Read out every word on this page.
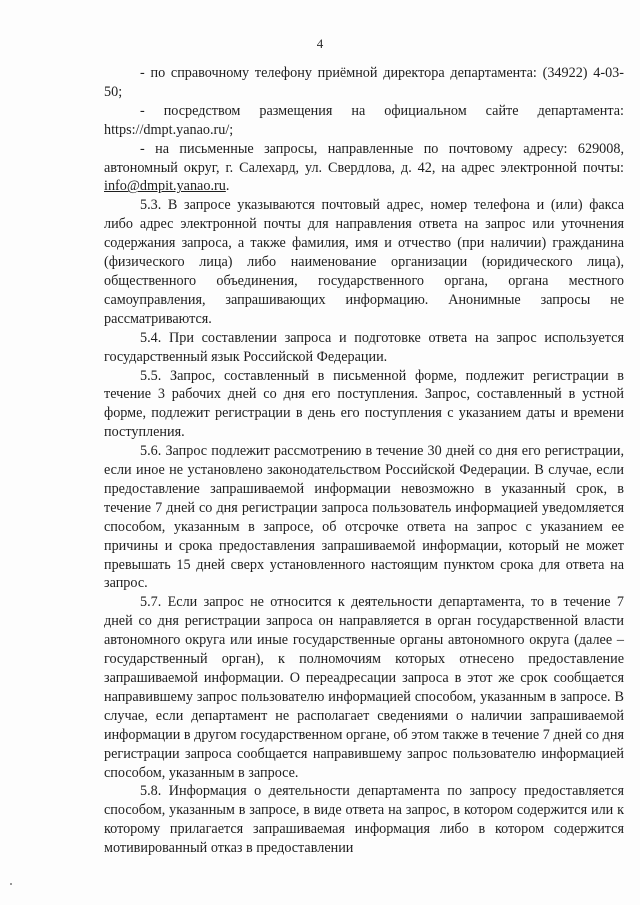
4

- по справочному телефону приёмной директора департамента: (34922) 4-03-50;

- посредством размещения на официальном сайте департамента: https://dmpt.yanao.ru/;

- на письменные запросы, направленные по почтовому адресу: 629008, автономный округ, г. Салехард, ул. Свердлова, д. 42, на адрес электронной почты: info@dmpit.yanao.ru.

5.3. В запросе указываются почтовый адрес, номер телефона и (или) факса либо адрес электронной почты для направления ответа на запрос или уточнения содержания запроса, а также фамилия, имя и отчество (при наличии) гражданина (физического лица) либо наименование организации (юридического лица), общественного объединения, государственного органа, органа местного самоуправления, запрашивающих информацию. Анонимные запросы не рассматриваются.

5.4. При составлении запроса и подготовке ответа на запрос используется государственный язык Российской Федерации.

5.5. Запрос, составленный в письменной форме, подлежит регистрации в течение 3 рабочих дней со дня его поступления. Запрос, составленный в устной форме, подлежит регистрации в день его поступления с указанием даты и времени поступления.

5.6. Запрос подлежит рассмотрению в течение 30 дней со дня его регистрации, если иное не установлено законодательством Российской Федерации. В случае, если предоставление запрашиваемой информации невозможно в указанный срок, в течение 7 дней со дня регистрации запроса пользователь информацией уведомляется способом, указанным в запросе, об отсрочке ответа на запрос с указанием ее причины и срока предоставления запрашиваемой информации, который не может превышать 15 дней сверх установленного настоящим пунктом срока для ответа на запрос.

5.7. Если запрос не относится к деятельности департамента, то в течение 7 дней со дня регистрации запроса он направляется в орган государственной власти автономного округа или иные государственные органы автономного округа (далее – государственный орган), к полномочиям которых отнесено предоставление запрашиваемой информации. О переадресации запроса в этот же срок сообщается направившему запрос пользователю информацией способом, указанным в запросе. В случае, если департамент не располагает сведениями о наличии запрашиваемой информации в другом государственном органе, об этом также в течение 7 дней со дня регистрации запроса сообщается направившему запрос пользователю информацией способом, указанным в запросе.

5.8. Информация о деятельности департамента по запросу предоставляется способом, указанным в запросе, в виде ответа на запрос, в котором содержится или к которому прилагается запрашиваемая информация либо в котором содержится мотивированный отказ в предоставлении
